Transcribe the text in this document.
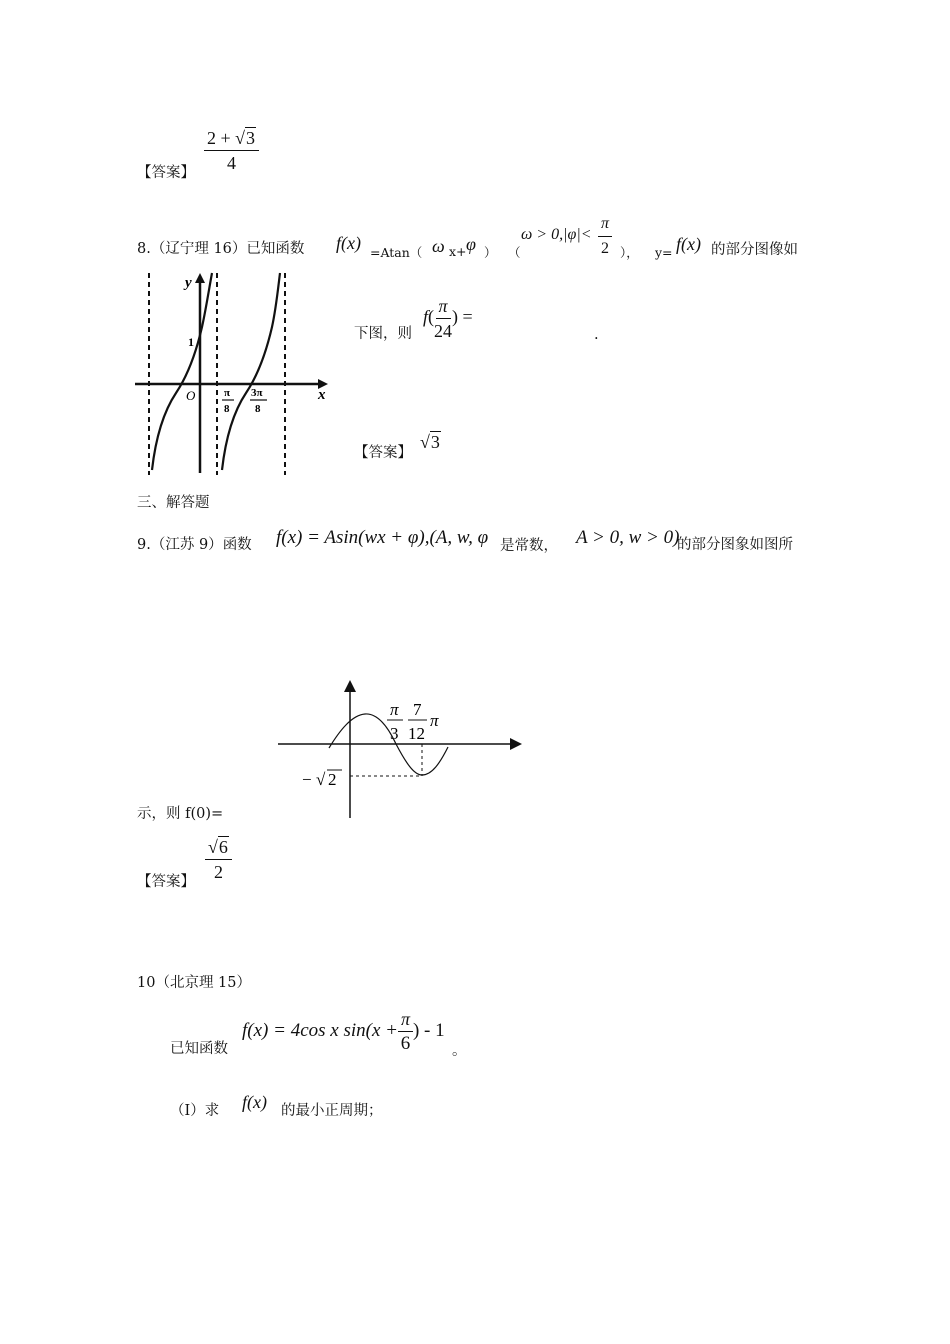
【答案】 $\frac{2 + √3}{4}$
8.（辽宁理 16）已知函数 f(x) =Atan（ ω x+ φ ） （
$\omega > 0,|\varphi|< \frac{\pi}{2}$ ）， y= f(x) 的部分图像如
y
x
O
1
π
8
3π
8
下图，则
$f( \frac{\pi}{24}$ ) =
.
【答案】
√3
三、解答题
9.（江苏 9）函数 f(x) = Asin(wx + φ),(A, w, φ 是常数， A > 0, w > 0)
的部分图象如图所
π
3
7
12
π
− √ 2
示，则 f(0)=
【答案】 $\frac{√6}{2}$
10（北京理 15）
已知函数
f(x) = 4cos x $\sin(x + \frac{\pi}{6}$ ) - 1
。
（Ⅰ）求 f(x) 的最小正周期；
